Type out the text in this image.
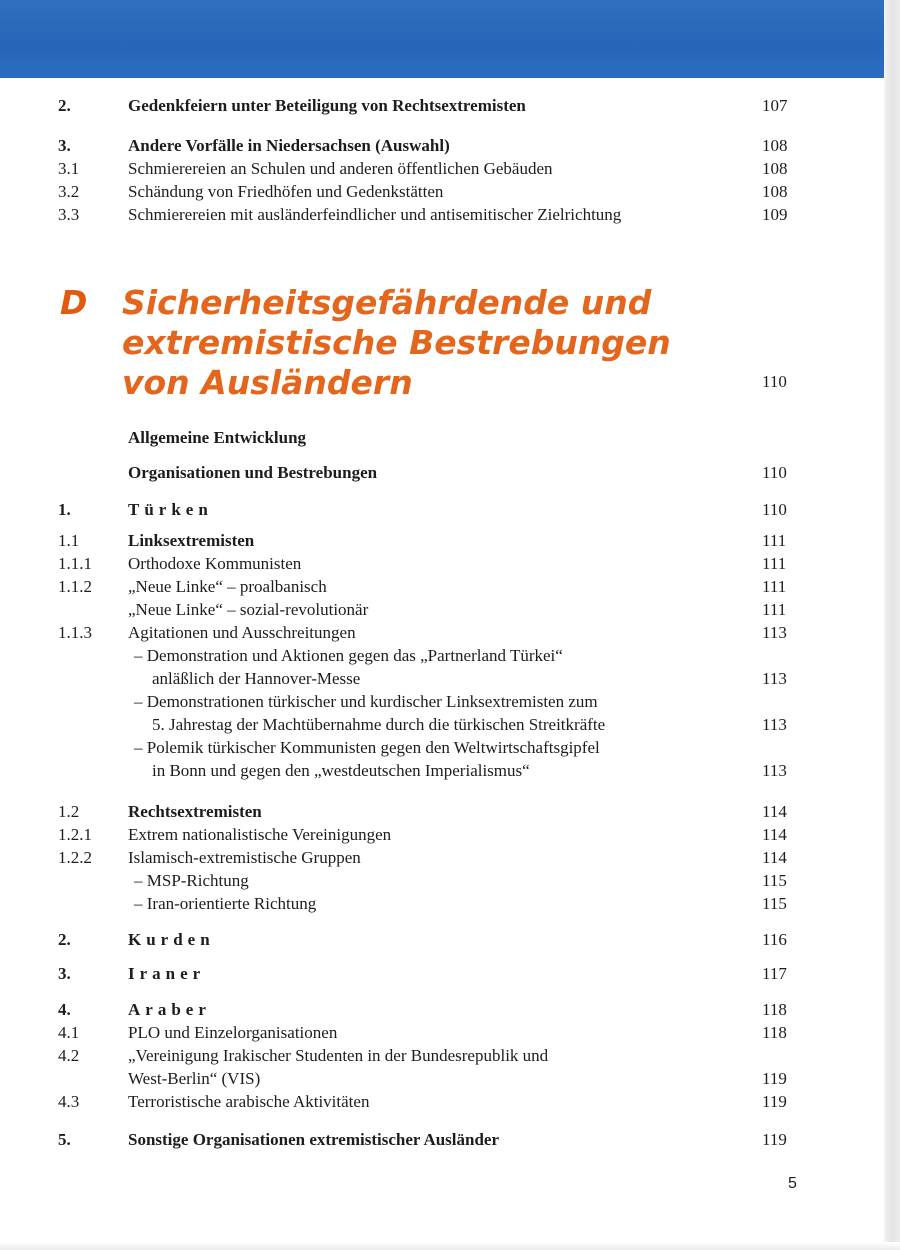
2.	Gedenkfeiern unter Beteiligung von Rechtsextremisten	107
3.	Andere Vorfälle in Niedersachsen (Auswahl)	108
3.1	Schmierereien an Schulen und anderen öffentlichen Gebäuden	108
3.2	Schändung von Friedhöfen und Gedenkstätten	108
3.3	Schmierereien mit ausländerfeindlicher und antisemitischer Zielrichtung	109
D	Sicherheitsgefährdende und
extremistische Bestrebungen
von Ausländern	110
Allgemeine Entwicklung
Organisationen und Bestrebungen	110
1.	Türken	110
1.1	Linksextremisten	111
1.1.1 Orthodoxe Kommunisten	111
1.1.2 „Neue Linke“ – proalbanisch	111
„Neue Linke“ – sozial-revolutionär	111
1.1.3 Agitationen und Ausschreitungen	113
– Demonstration und Aktionen gegen das „Partnerland Türkei“
anläßlich der Hannover-Messe	113
– Demonstrationen türkischer und kurdischer Linksextremisten zum
5. Jahrestag der Machtübernahme durch die türkischen Streitkräfte	113
– Polemik türkischer Kommunisten gegen den Weltwirtschaftsgipfel
in Bonn und gegen den „westdeutschen Imperialismus“	113
1.2	Rechtsextremisten	114
1.2.1 Extrem nationalistische Vereinigungen	114
1.2.2 Islamisch-extremistische Gruppen	114
– MSP-Richtung	115
– Iran-orientierte Richtung	115
2.	Kurden	116
3.	Iraner	117
4.	Araber	118
4.1	PLO und Einzelorganisationen	118
4.2	„Vereinigung Irakischer Studenten in der Bundesrepublik und
West-Berlin“ (VIS)	119
4.3	Terroristische arabische Aktivitäten	119
5.	Sonstige Organisationen extremistischer Ausländer	119
5
